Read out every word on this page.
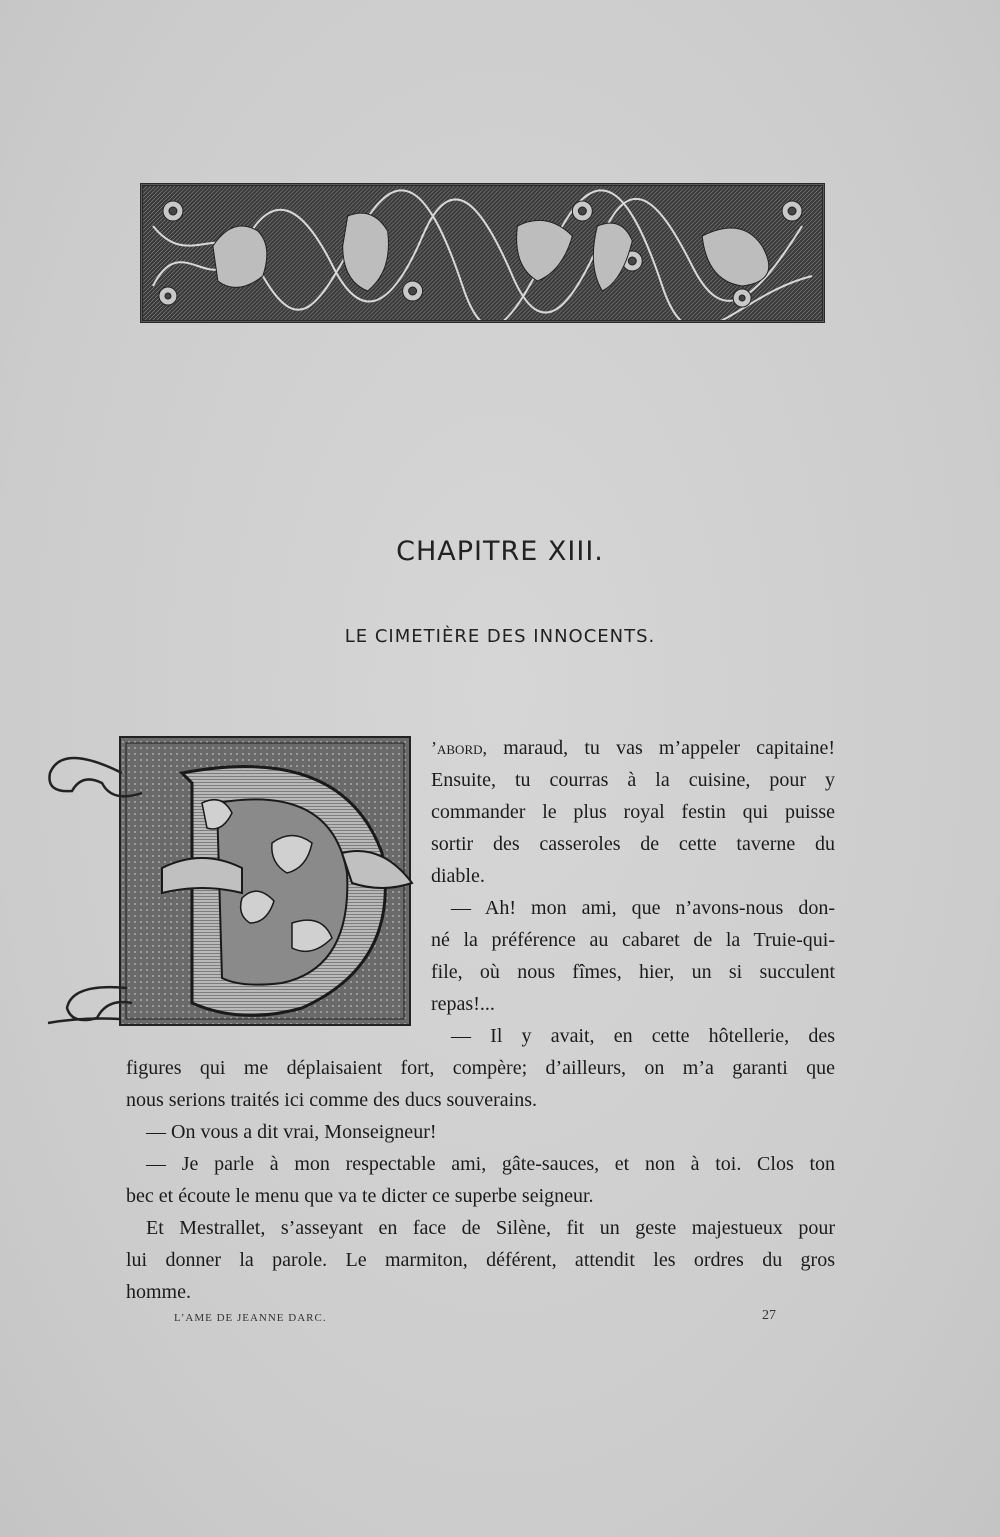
CHAPITRE XIII.
LE CIMETIÈRE DES INNOCENTS.
’abord, maraud, tu vas m’appeler capitaine!
Ensuite, tu courras à la cuisine, pour y
commander le plus royal festin qui puisse
sortir des casseroles de cette taverne du
diable.
— Ah! mon ami, que n’avons-nous don-
né la préférence au cabaret de la Truie-qui-
file, où nous fîmes, hier, un si succulent
repas!...
— Il y avait, en cette hôtellerie, des
figures qui me déplaisaient fort, compère; d’ailleurs, on m’a garanti que
nous serions traités ici comme des ducs souverains.
— On vous a dit vrai, Monseigneur!
— Je parle à mon respectable ami, gâte-sauces, et non à toi. Clos ton
bec et écoute le menu que va te dicter ce superbe seigneur.
Et Mestrallet, s’asseyant en face de Silène, fit un geste majestueux pour
lui donner la parole. Le marmiton, déférent, attendit les ordres du gros
homme.
L’AME DE JEANNE DARC.	27
